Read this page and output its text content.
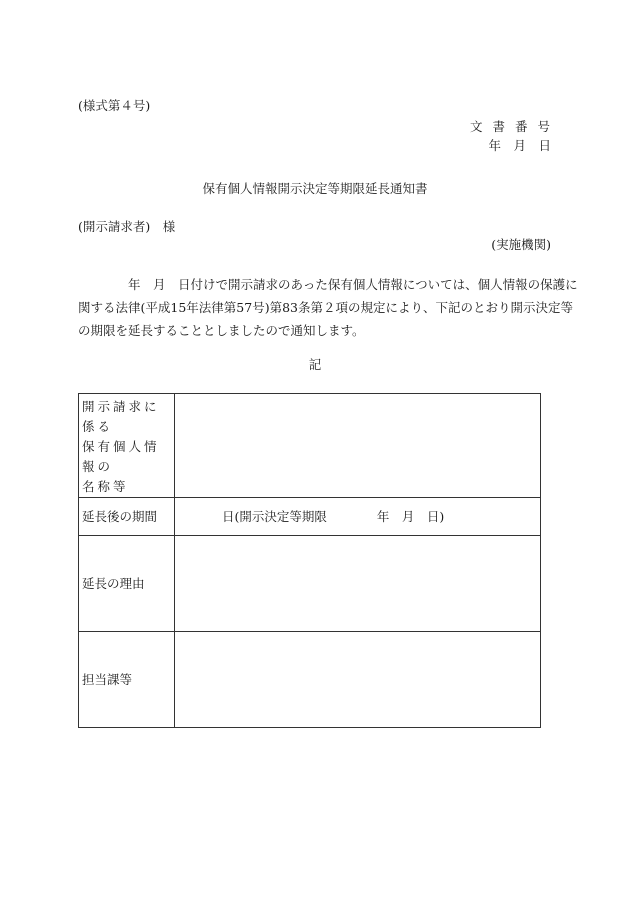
(様式第４号)
文書番号
年　月　日
保有個人情報開示決定等期限延長通知書
(開示請求者)　様
(実施機関)
　　　　年　月　日付けで開示請求のあった保有個人情報については、個人情報の保護に
関する法律(平成15年法律第57号)第83条第２項の規定により、下記のとおり開示決定等
の期限を延長することとしましたので通知します。
記
開示請求に係る
保有個人情報の
名称等	

延長後の期間	日(開示決定等期限　　　　年　月　日)
延長の理由	
担当課等	
